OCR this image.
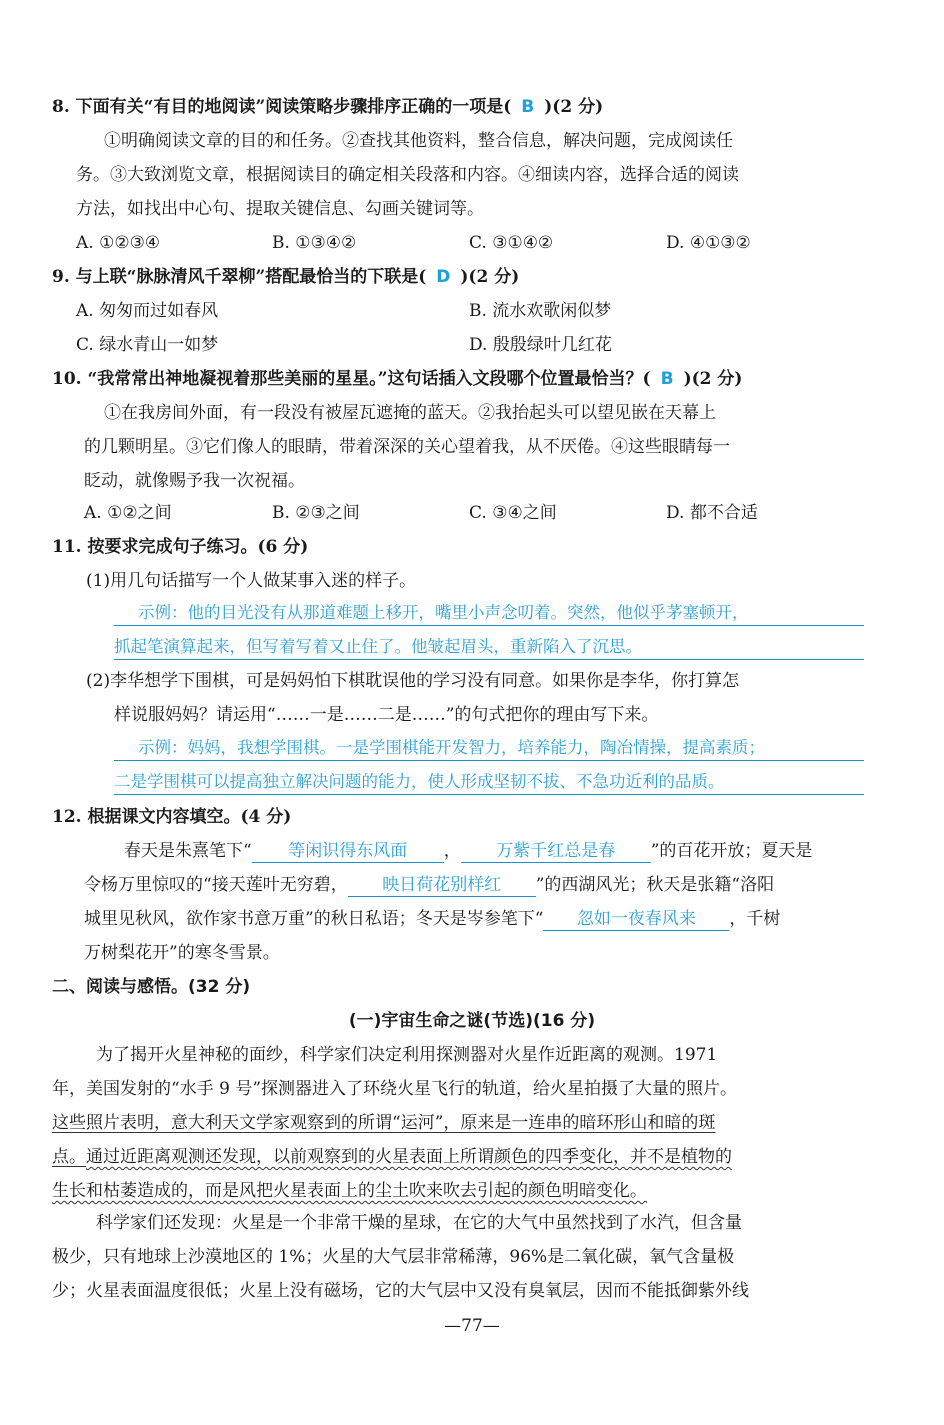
8. 下面有关“有目的地阅读”阅读策略步骤排序正确的一项是( B )(2 分)
①明确阅读文章的目的和任务。②查找其他资料，整合信息，解决问题，完成阅读任
务。③大致浏览文章，根据阅读目的确定相关段落和内容。④细读内容，选择合适的阅读
方法，如找出中心句、提取关键信息、勾画关键词等。
A. ①②③④	B. ①③④②	C. ③①④②	D. ④①③②
9. 与上联“脉脉清风千翠柳”搭配最恰当的下联是( D )(2 分)
A. 匆匆而过如春风	B. 流水欢歌闲似梦
C. 绿水青山一如梦	D. 殷殷绿叶几红花
10. “我常常出神地凝视着那些美丽的星星。”这句话插入文段哪个位置最恰当？( B )(2 分)
①在我房间外面，有一段没有被屋瓦遮掩的蓝天。②我抬起头可以望见嵌在天幕上
的几颗明星。③它们像人的眼睛，带着深深的关心望着我，从不厌倦。④这些眼睛每一
眨动，就像赐予我一次祝福。
A. ①②之间	B. ②③之间	C. ③④之间	D. 都不合适
11. 按要求完成句子练习。(6 分)
(1)用几句话描写一个人做某事入迷的样子。
示例：他的目光没有从那道难题上移开，嘴里小声念叨着。突然，他似乎茅塞顿开，
抓起笔演算起来，但写着写着又止住了。他皱起眉头，重新陷入了沉思。
(2)李华想学下围棋，可是妈妈怕下棋耽误他的学习没有同意。如果你是李华，你打算怎
样说服妈妈？请运用“……一是……二是……”的句式把你的理由写下来。
示例：妈妈，我想学围棋。一是学围棋能开发智力，培养能力，陶冶情操，提高素质；
二是学围棋可以提高独立解决问题的能力，使人形成坚韧不拔、不急功近利的品质。
12. 根据课文内容填空。(4 分)
春天是朱熹笔下“ 等闲识得东风面 ， 万紫千红总是春 ”的百花开放；夏天是
令杨万里惊叹的“接天莲叶无穷碧， 映日荷花别样红 ”的西湖风光；秋天是张籍“洛阳
城里见秋风，欲作家书意万重”的秋日私语；冬天是岑参笔下“ 忽如一夜春风来 ，千树
万树梨花开”的寒冬雪景。
二、阅读与感悟。(32 分)
(一)宇宙生命之谜(节选)(16 分)
为了揭开火星神秘的面纱，科学家们决定利用探测器对火星作近距离的观测。1971
年，美国发射的“水手 9 号”探测器进入了环绕火星飞行的轨道，给火星拍摄了大量的照片。
这些照片表明，意大利天文学家观察到的所谓“运河”，原来是一连串的暗环形山和暗的斑
点。通过近距离观测还发现，以前观察到的火星表面上所谓颜色的四季变化，并不是植物的
生长和枯萎造成的，而是风把火星表面上的尘土吹来吹去引起的颜色明暗变化。
科学家们还发现：火星是一个非常干燥的星球，在它的大气中虽然找到了水汽，但含量
极少，只有地球上沙漠地区的 1%；火星的大气层非常稀薄，96%是二氧化碳，氧气含量极
少；火星表面温度很低；火星上没有磁场，它的大气层中又没有臭氧层，因而不能抵御紫外线
—77—
